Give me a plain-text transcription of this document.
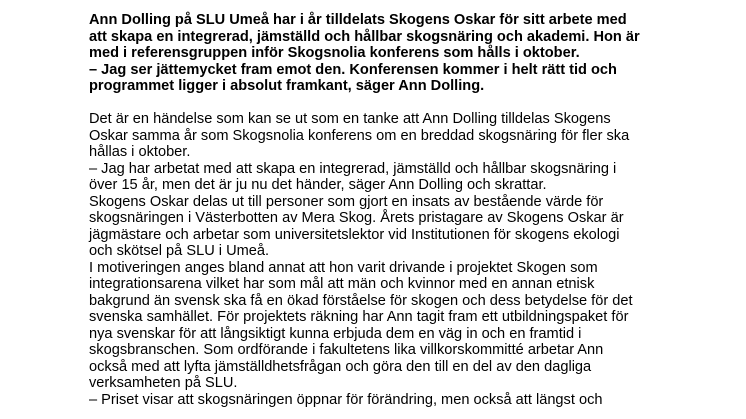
Ann Dolling på SLU Umeå har i år tilldelats Skogens Oskar för sitt arbete med
att skapa en integrerad, jämställd och hållbar skogsnäring och akademi. Hon är
med i referensgruppen inför Skogsnolia konferens som hålls i oktober.

– Jag ser jättemycket fram emot den. Konferensen kommer i helt rätt tid och
programmet ligger i absolut framkant, säger Ann Dolling.

Det är en händelse som kan se ut som en tanke att Ann Dolling tilldelas Skogens
Oskar samma år som Skogsnolia konferens om en breddad skogsnäring för fler ska
hållas i oktober.

– Jag har arbetat med att skapa en integrerad, jämställd och hållbar skogsnäring i
över 15 år, men det är ju nu det händer, säger Ann Dolling och skrattar.

Skogens Oskar delas ut till personer som gjort en insats av bestående värde för
skogsnäringen i Västerbotten av Mera Skog. Årets pristagare av Skogens Oskar är
jägmästare och arbetar som universitetslektor vid Institutionen för skogens ekologi
och skötsel på SLU i Umeå.

I motiveringen anges bland annat att hon varit drivande i projektet Skogen som
integrationsarena vilket har som mål att män och kvinnor med en annan etnisk
bakgrund än svensk ska få en ökad förståelse för skogen och dess betydelse för det
svenska samhället. För projektets räkning har Ann tagit fram ett utbildningspaket för
nya svenskar för att långsiktigt kunna erbjuda dem en väg in och en framtid i
skogsbranschen. Som ordförande i fakultetens lika villkorskommitté arbetar Ann
också med att lyfta jämställdhetsfrågan och göra den till en del av den dagliga
verksamheten på SLU.

– Priset visar att skogsnäringen öppnar för förändring, men också att längst och
